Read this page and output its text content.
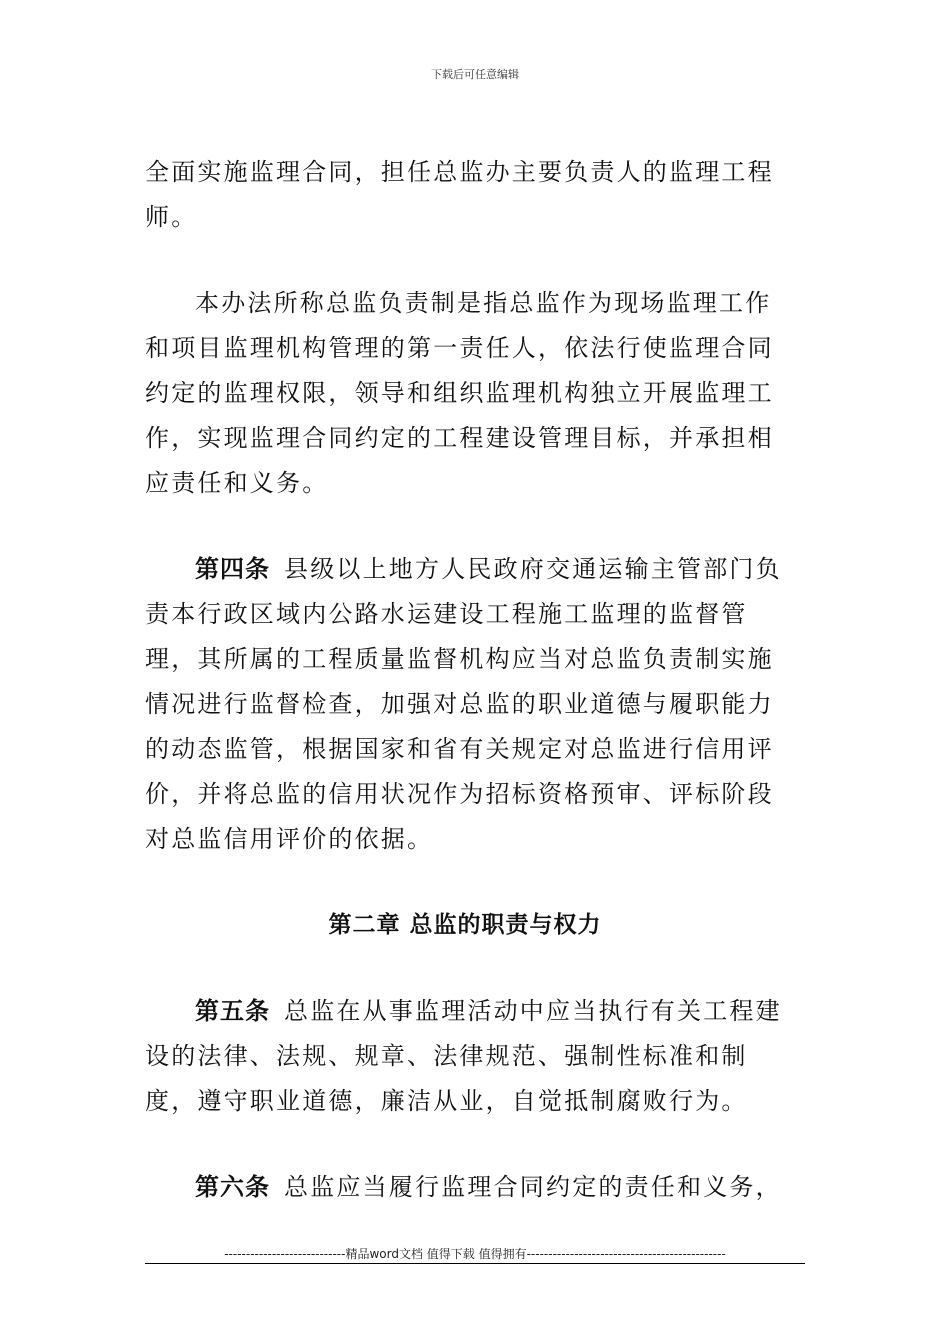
下载后可任意编辑

全面实施监理合同，担任总监办主要负责人的监理工程师。

本办法所称总监负责制是指总监作为现场监理工作和项目监理机构管理的第一责任人，依法行使监理合同约定的监理权限，领导和组织监理机构独立开展监理工作，实现监理合同约定的工程建设管理目标，并承担相应责任和义务。

第四条 县级以上地方人民政府交通运输主管部门负责本行政区域内公路水运建设工程施工监理的监督管理，其所属的工程质量监督机构应当对总监负责制实施情况进行监督检查，加强对总监的职业道德与履职能力的动态监管，根据国家和省有关规定对总监进行信用评价，并将总监的信用状况作为招标资格预审、评标阶段对总监信用评价的依据。

第二章 总监的职责与权力

第五条 总监在从事监理活动中应当执行有关工程建设的法律、法规、规章、法律规范、强制性标准和制度，遵守职业道德，廉洁从业，自觉抵制腐败行为。

第六条 总监应当履行监理合同约定的责任和义务，

----------------------------精品word文档 值得下载 值得拥有----------------------------------------------
